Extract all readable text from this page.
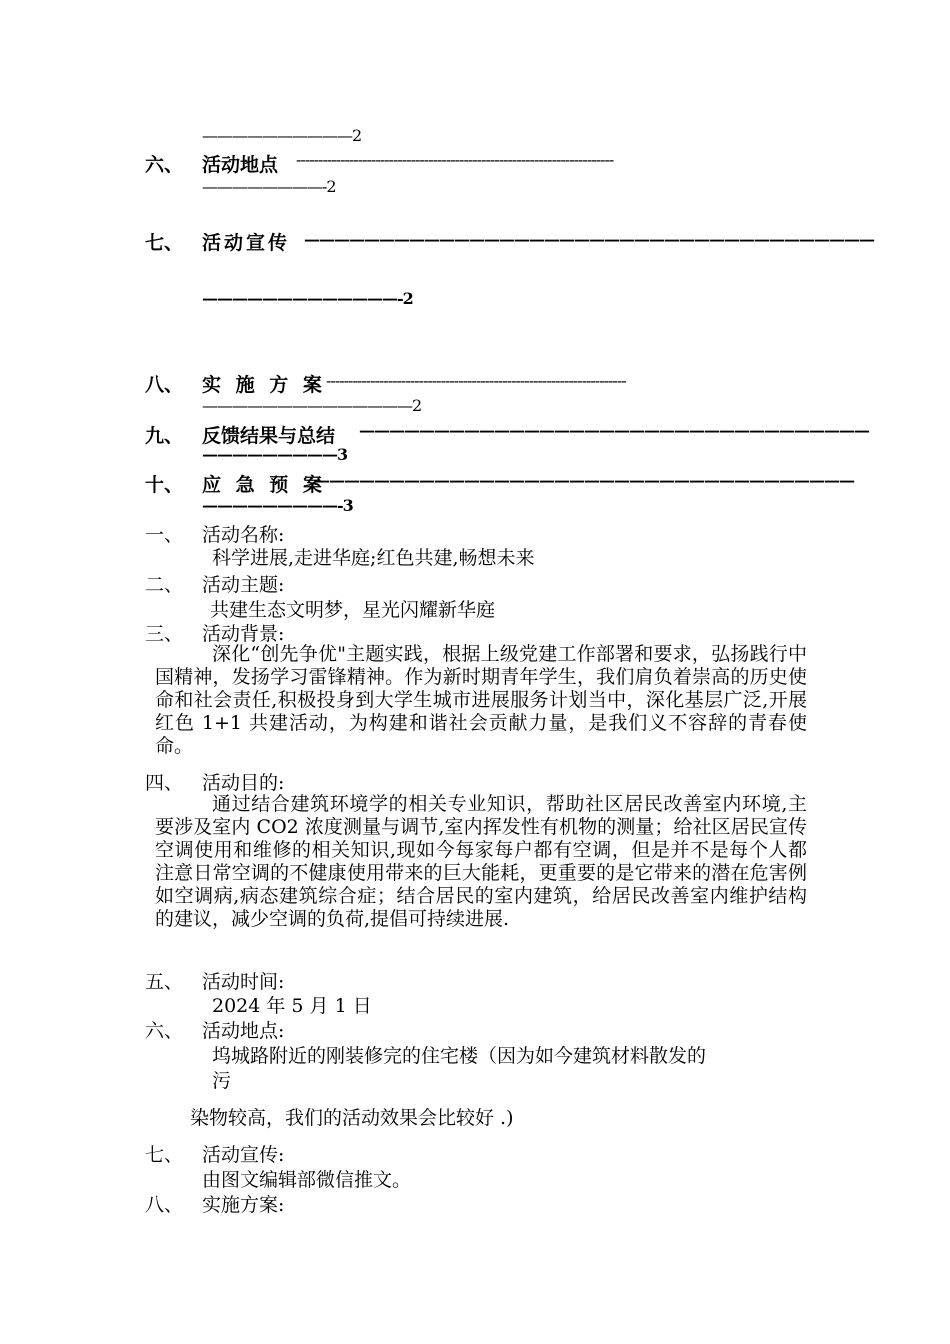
——————————2
六、 活动地点 ------------------------------------------------------------------------
————————-2
七、 活动宣传 ——————————————————————————————————————
—————————————-2
八、 实 施 方 案 --------------------------------------------------------------------
——————————————2
九、 反馈结果与总结 ——————————————————————————————————
—————————3
十、 应 急 预 案
————————————————————————————————————
—————————-3
一、 活动名称:
科学进展,走进华庭;红色共建,畅想未来
二、 活动主题:
共建生态文明梦，星光闪耀新华庭
三、 活动背景:
深化“创先争优"主题实践，根据上级党建工作部署和要求，弘扬践行中国精神，发扬学习雷锋精神。作为新时期青年学生，我们肩负着崇高的历史使命和社会责任,积极投身到大学生城市进展服务计划当中，深化基层广泛,开展红色 1+1 共建活动，为构建和谐社会贡献力量，是我们义不容辞的青春使命。
四、 活动目的:
通过结合建筑环境学的相关专业知识，帮助社区居民改善室内环境,主要涉及室内 CO2 浓度测量与调节,室内挥发性有机物的测量；给社区居民宣传空调使用和维修的相关知识,现如今每家每户都有空调，但是并不是每个人都注意日常空调的不健康使用带来的巨大能耗，更重要的是它带来的潜在危害例如空调病,病态建筑综合症；结合居民的室内建筑，给居民改善室内维护结构的建议，减少空调的负荷,提倡可持续进展.
五、 活动时间:
2024 年 5 月 1 日
六、 活动地点:
坞城路附近的刚装修完的住宅楼（因为如今建筑材料散发的
污
染物较高，我们的活动效果会比较好 .)
七、 活动宣传:
由图文编辑部微信推文。
八、 实施方案:
